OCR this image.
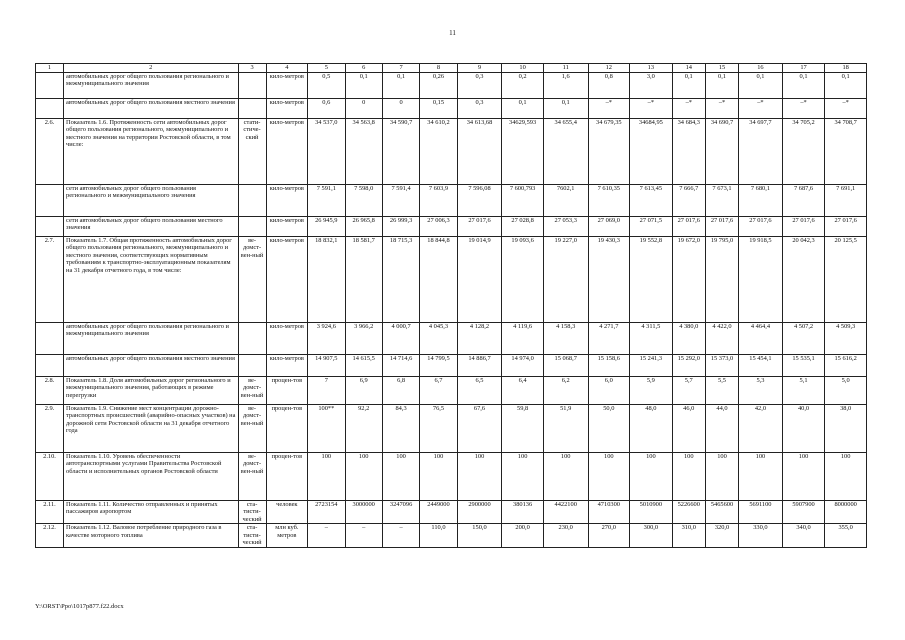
11
1	2	3	4	5	6	7	8	9	10	11	12	13	14	15	16	17	18
	автомобильных дорог общего пользования регионального и межмуниципального значения		кило-метров	0,5	0,1	0,1	0,26	0,3	0,2	1,6	0,8	3,0	0,1	0,1	0,1	0,1	0,1
	автомобильных дорог общего пользования местного значения		кило-метров	0,6	0	0	0,15	0,3	0,1	0,1	–*	–*	–*	–*	–*	–*	–*
2.6.	Показатель 1.6. Протяженность сети автомобильных дорог общего пользования регионального, межмуниципального и местного значения на территории Ростовской области, в том числе:	стати-стиче-ский	кило-метров	34 537,0	34 563,8	34 590,7	34 610,2	34 613,68	34629,593	34 655,4	34 679,35	34684,95	34 684,3	34 690,7	34 697,7	34 705,2	34 708,7
	сети автомобильных дорог общего пользования регионального и межмуниципального значения		кило-метров	7 591,1	7 598,0	7 591,4	7 603,9	7 596,08	7 600,793	7602,1	7 610,35	7 613,45	7 666,7	7 673,1	7 680,1	7 687,6	7 691,1
	сети автомобильных дорог общего пользования местного значения		кило-метров	26 945,9	26 965,8	26 999,3	27 006,3	27 017,6	27 028,8	27 053,3	27 069,0	27 071,5	27 017,6	27 017,6	27 017,6	27 017,6	27 017,6
2.7.	Показатель 1.7. Общая протяженность автомобильных дорог общего пользования регионального, межмуниципального и местного значения, соответствующих нормативным требованиям к транспортно-эксплуатационным показателям на 31 декабря отчетного года, в том числе:	ве-домст-вен-ный	кило-метров	18 832,1	18 581,7	18 715,3	18 844,8	19 014,9	19 093,6	19 227,0	19 430,3	19 552,8	19 672,0	19 795,0	19 918,5	20 042,3	20 125,5
	автомобильных дорог общего пользования регионального и межмуниципального значения		кило-метров	3 924,6	3 966,2	4 000,7	4 045,3	4 128,2	4 119,6	4 158,3	4 271,7	4 311,5	4 380,0	4 422,0	4 464,4	4 507,2	4 509,3
	автомобильных дорог общего пользования местного значения		кило-метров	14 907,5	14 615,5	14 714,6	14 799,5	14 886,7	14 974,0	15 068,7	15 158,6	15 241,3	15 292,0	15 373,0	15 454,1	15 535,1	15 616,2
2.8.	Показатель 1.8. Доля автомобильных дорог регионального и межмуниципального значения, работающих в режиме перегрузки	ве-домст-вен-ный	процен-тов	7	6,9	6,8	6,7	6,5	6,4	6,2	6,0	5,9	5,7	5,5	5,3	5,1	5,0
2.9.	Показатель 1.9. Снижение мест концентрации дорожно-транспортных происшествий (аварийно-опасных участков) на дорожной сети Ростовской области на 31 декабря отчетного года	ве-домст-вен-ный	процен-тов	100**	92,2	84,3	76,5	67,6	59,8	51,9	50,0	48,0	46,0	44,0	42,0	40,0	38,0
2.10.	Показатель 1.10. Уровень обеспеченности автотранспортными услугами Правительства Ростовской области и исполнительных органов Ростовской области	ве-домст-вен-ный	процен-тов	100	100	100	100	100	100	100	100	100	100	100	100	100	100
2.11.	Показатель 1.11. Количество отправленных и принятых пассажиров аэропортом	ста-тисти-ческий	человек	2723154	3000000	3247096	2449000	2900000	380136	4422100	4710300	5010900	5226600	5465600	5691100	5907900	8000000
2.12.	Показатель 1.12. Валовое потребление природного газа в качестве моторного топлива	ста-тисти-ческий	млн куб. метров	–	–	–	110,0	150,0	200,0	230,0	270,0	300,0	310,0	320,0	330,0	340,0	355,0
Y:\ORST\Ppo\1017p877.f22.docx
